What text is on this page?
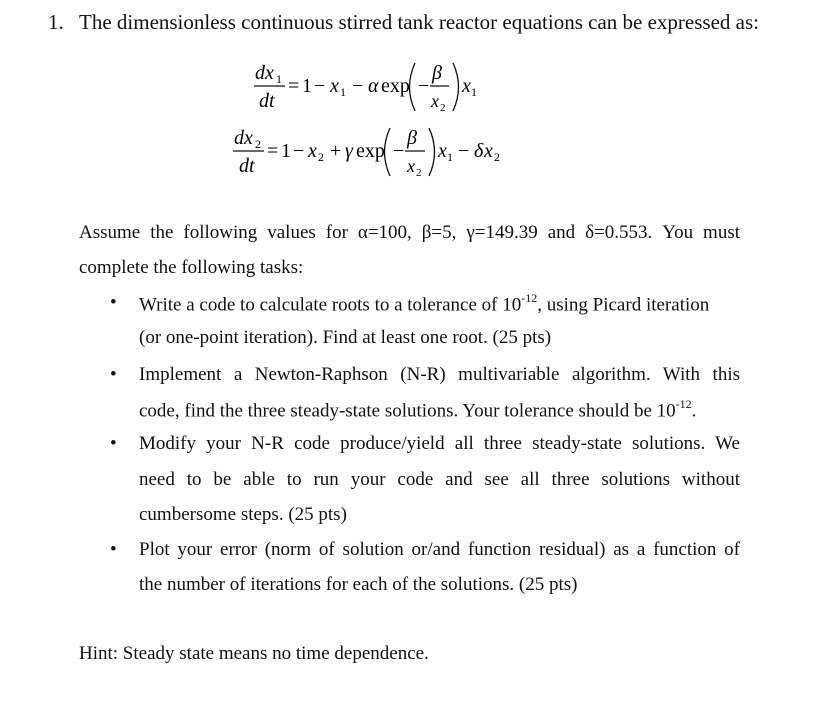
1. The dimensionless continuous stirred tank reactor equations can be expressed as:
dx 1
dt
= 1 − x 1 − α exp −
β
x 2
x 1
dx 2
dt
= 1 − x 2 + γ exp −
β
x 2
x 1 − δ x 2
Assume the following values for α=100, β=5, γ=149.39 and δ=0.553. You must
complete the following tasks:
• Write a code to calculate roots to a tolerance of $10^{-12}$, using Picard iteration
(or one-point iteration). Find at least one root. (25 pts)
• Implement a Newton-Raphson (N-R) multivariable algorithm. With this
code, find the three steady-state solutions. Your tolerance should be $10^{-12}$.
• Modify your N-R code produce/yield all three steady-state solutions. We
need to be able to run your code and see all three solutions without
cumbersome steps. (25 pts)
• Plot your error (norm of solution or/and function residual) as a function of
the number of iterations for each of the solutions. (25 pts)
Hint: Steady state means no time dependence.
